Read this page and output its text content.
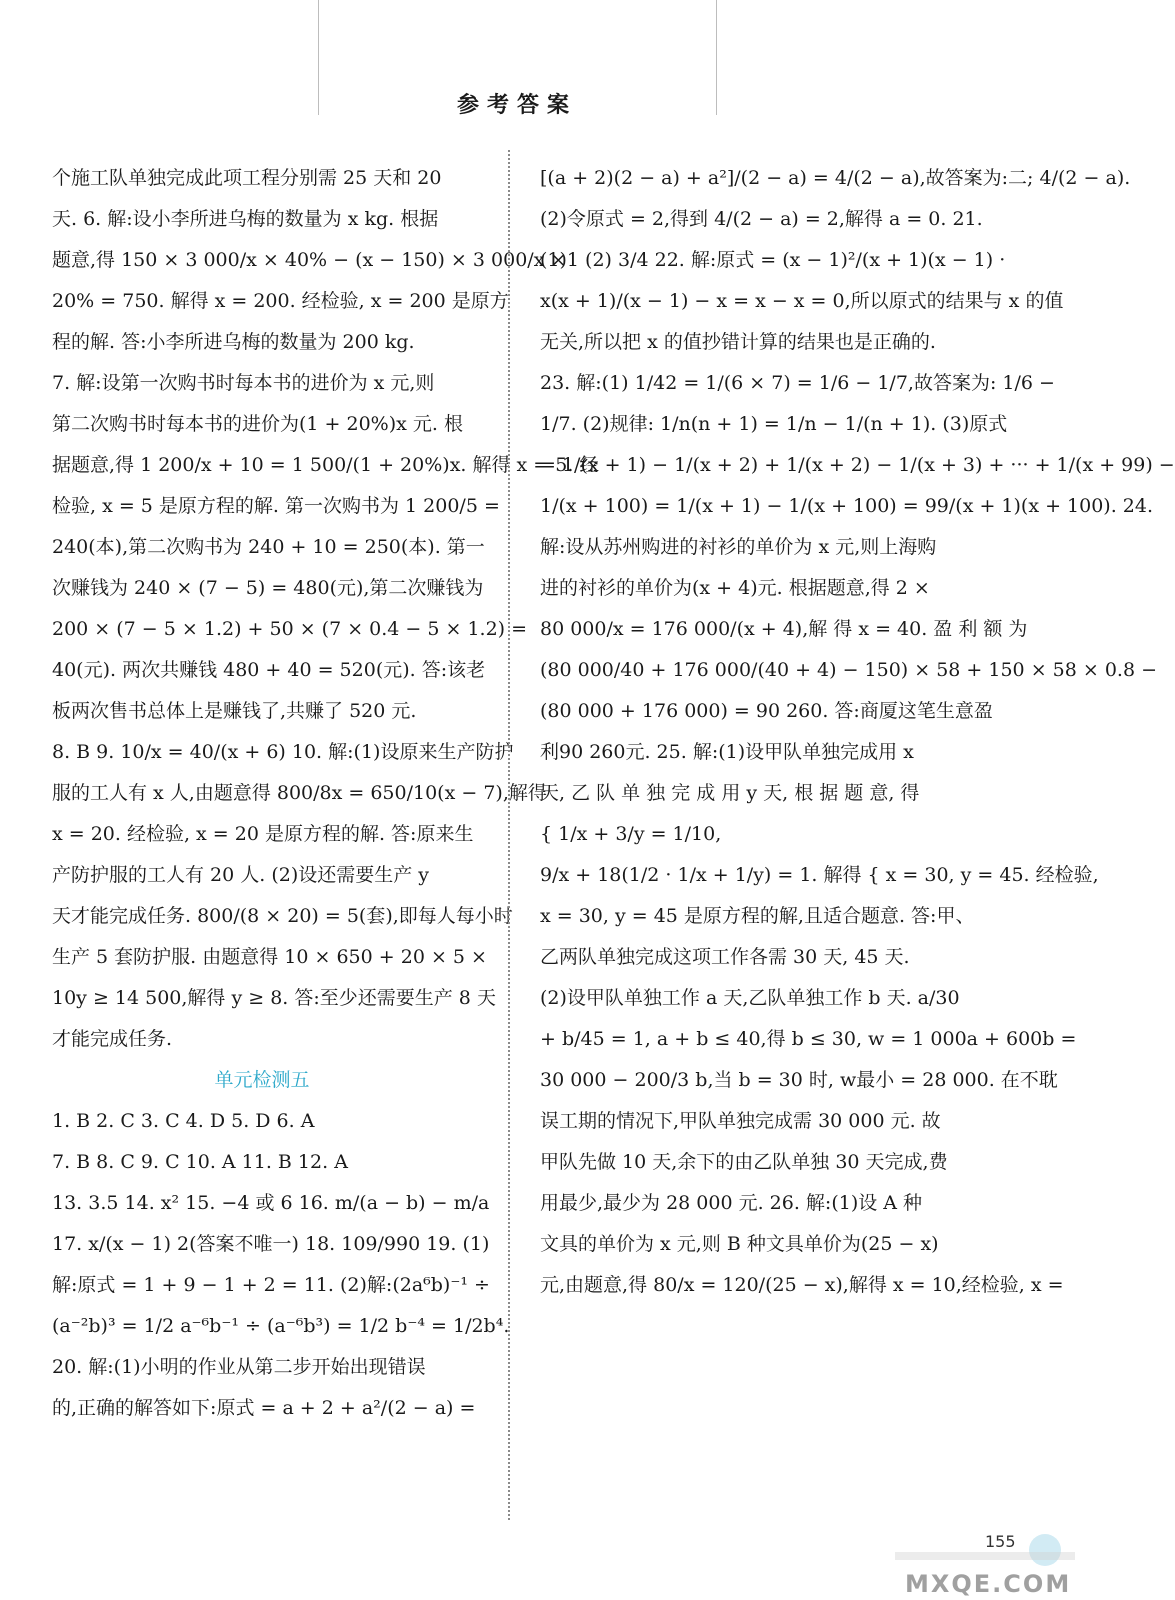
参考答案
个施工队单独完成此项工程分别需 25 天和 20
天. 6. 解:设小李所进乌梅的数量为 x kg. 根据
题意,得 150 × 3 000/x × 40% − (x − 150) × 3 000/x ×
20% = 750. 解得 x = 200. 经检验, x = 200 是原方
程的解. 答:小李所进乌梅的数量为 200 kg.
7. 解:设第一次购书时每本书的进价为 x 元,则
第二次购书时每本书的进价为(1 + 20%)x 元. 根
据题意,得 1 200/x + 10 = 1 500/(1 + 20%)x. 解得 x = 5. 经
检验, x = 5 是原方程的解. 第一次购书为 1 200/5 =
240(本),第二次购书为 240 + 10 = 250(本). 第一
次赚钱为 240 × (7 − 5) = 480(元),第二次赚钱为
200 × (7 − 5 × 1.2) + 50 × (7 × 0.4 − 5 × 1.2) =
40(元). 两次共赚钱 480 + 40 = 520(元). 答:该老
板两次售书总体上是赚钱了,共赚了 520 元.
8. B 9. 10/x = 40/(x + 6) 10. 解:(1)设原来生产防护
服的工人有 x 人,由题意得 800/8x = 650/10(x − 7),解得
x = 20. 经检验, x = 20 是原方程的解. 答:原来生
产防护服的工人有 20 人. (2)设还需要生产 y
天才能完成任务. 800/(8 × 20) = 5(套),即每人每小时
生产 5 套防护服. 由题意得 10 × 650 + 20 × 5 ×
10y ≥ 14 500,解得 y ≥ 8. 答:至少还需要生产 8 天
才能完成任务.
单元检测五
1. B 2. C 3. C 4. D 5. D 6. A
7. B 8. C 9. C 10. A 11. B 12. A
13. 3.5 14. x² 15. −4 或 6 16. m/(a − b) − m/a
17. x/(x − 1) 2(答案不唯一) 18. 109/990 19. (1)
解:原式 = 1 + 9 − 1 + 2 = 11. (2)解:(2a⁶b)⁻¹ ÷
(a⁻²b)³ = 1/2 a⁻⁶b⁻¹ ÷ (a⁻⁶b³) = 1/2 b⁻⁴ = 1/2b⁴.
20. 解:(1)小明的作业从第二步开始出现错误
的,正确的解答如下:原式 = a + 2 + a²/(2 − a) =
[(a + 2)(2 − a) + a²]/(2 − a) = 4/(2 − a),故答案为:二; 4/(2 − a).
(2)令原式 = 2,得到 4/(2 − a) = 2,解得 a = 0. 21.
(1)1 (2) 3/4 22. 解:原式 = (x − 1)²/(x + 1)(x − 1) ·
x(x + 1)/(x − 1) − x = x − x = 0,所以原式的结果与 x 的值
无关,所以把 x 的值抄错计算的结果也是正确的.
23. 解:(1) 1/42 = 1/(6 × 7) = 1/6 − 1/7,故答案为: 1/6 −
1/7. (2)规律: 1/n(n + 1) = 1/n − 1/(n + 1). (3)原式
= 1/(x + 1) − 1/(x + 2) + 1/(x + 2) − 1/(x + 3) + ··· + 1/(x + 99) −
1/(x + 100) = 1/(x + 1) − 1/(x + 100) = 99/(x + 1)(x + 100). 24.
解:设从苏州购进的衬衫的单价为 x 元,则上海购
进的衬衫的单价为(x + 4)元. 根据题意,得 2 ×
80 000/x = 176 000/(x + 4),解 得 x = 40. 盈 利 额 为
(80 000/40 + 176 000/(40 + 4) − 150) × 58 + 150 × 58 × 0.8 −
(80 000 + 176 000) = 90 260. 答:商厦这笔生意盈
利90 260元. 25. 解:(1)设甲队单独完成用 x
天, 乙 队 单 独 完 成 用 y 天, 根 据 题 意, 得
{ 1/x + 3/y = 1/10,
9/x + 18(1/2 · 1/x + 1/y) = 1. 解得 { x = 30, y = 45. 经检验,
x = 30, y = 45 是原方程的解,且适合题意. 答:甲、
乙两队单独完成这项工作各需 30 天, 45 天.
(2)设甲队单独工作 a 天,乙队单独工作 b 天. a/30
+ b/45 = 1, a + b ≤ 40,得 b ≤ 30, w = 1 000a + 600b =
30 000 − 200/3 b,当 b = 30 时, w最小 = 28 000. 在不耽
误工期的情况下,甲队单独完成需 30 000 元. 故
甲队先做 10 天,余下的由乙队单独 30 天完成,费
用最少,最少为 28 000 元. 26. 解:(1)设 A 种
文具的单价为 x 元,则 B 种文具单价为(25 − x)
元,由题意,得 80/x = 120/(25 − x),解得 x = 10,经检验, x =
155
MXQE.COM
